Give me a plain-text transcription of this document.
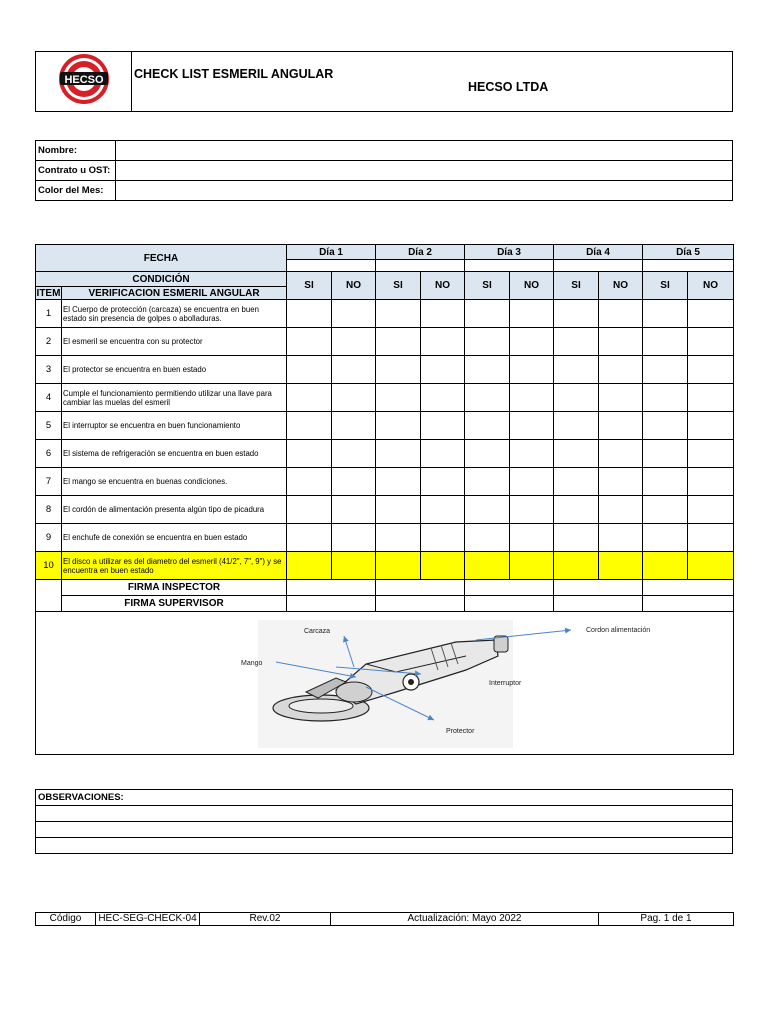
HECSO	CHECK LIST ESMERIL ANGULAR
HECSO LTDA
Nombre:	
Contrato u OST:	
Color del Mes:	
FECHA		Día 1		Día 2		Día 3		Día 4		Día 5	

CONDICIÓN		SI	NO	SI	NO	SI	NO	SI	NO	SI	NO
ITEM	VERIFICACION ESMERIL ANGULAR										
1	El Cuerpo de protección (carcaza) se encuentra en buen estado sin presencia de golpes o abolladuras.										
2	El esmeril se encuentra con su protector										
3	El protector se encuentra en buen estado										
4	Cumple el funcionamiento permitiendo utilizar una llave para cambiar las muelas del esmeril										
5	El interruptor se encuentra en buen funcionamiento										
6	El sistema de refrigeración se encuentra en buen estado										
7	El mango se encuentra en buenas condiciones.										
8	El cordón de alimentación presenta algún tipo de picadura										
9	El enchufe de conexión se encuentra en buen estado										
10	El disco a utilizar es del diametro del esmeril (41/2", 7", 9") y se encuentra en buen estado										
	FIRMA INSPECTOR										
	FIRMA SUPERVISOR										

Carcaza Cordon alimentación
Mango
Interruptor
Protector											
OBSERVACIONES:

Código	HEC-SEG-CHECK-04	Rev.02	Actualización: Mayo 2022	Pag. 1 de 1
